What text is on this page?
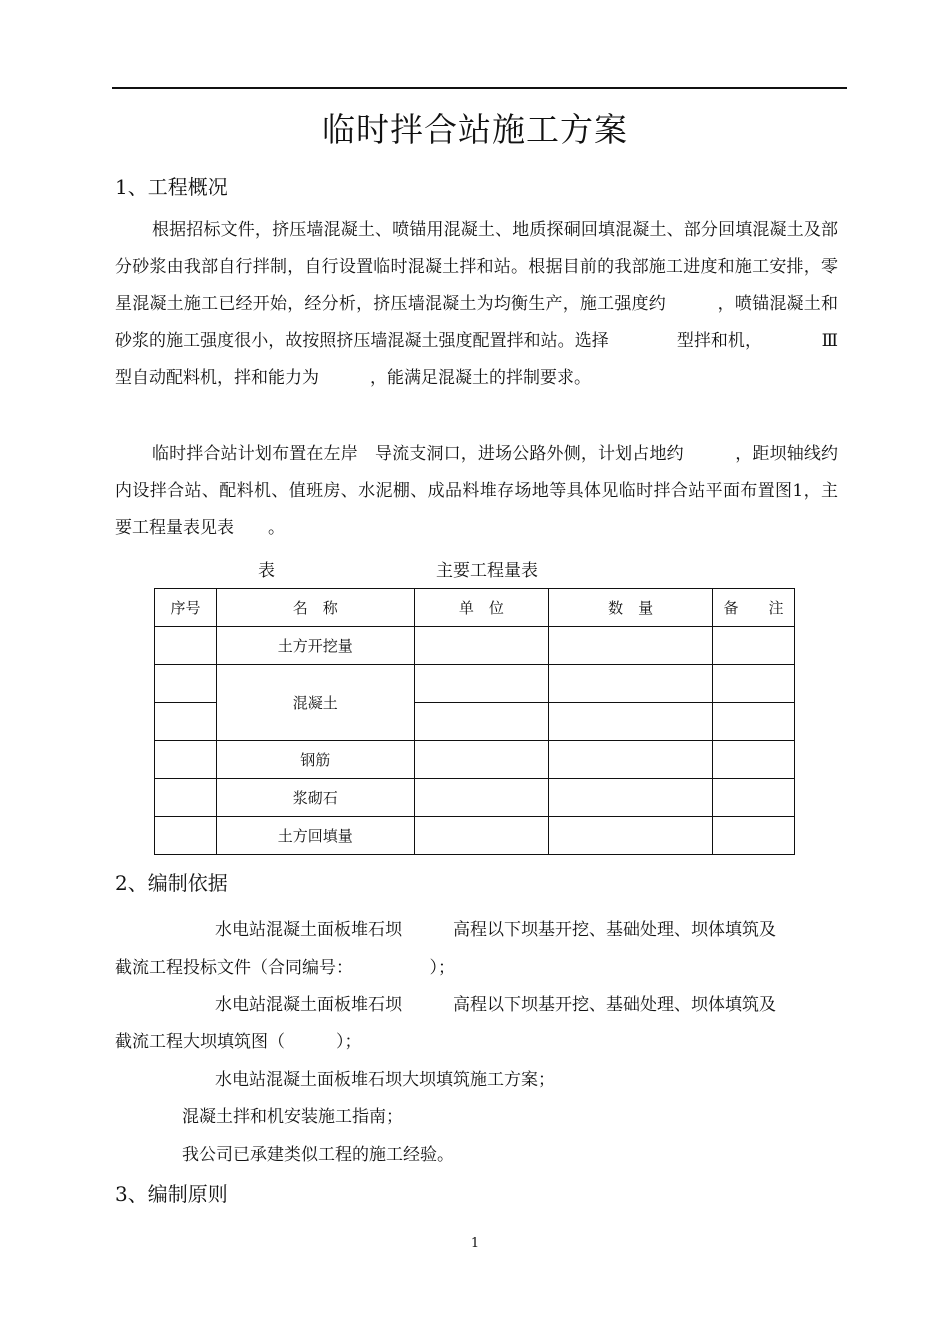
临时拌合站施工方案
1、工程概况
根据招标文件，挤压墙混凝土、喷锚用混凝土、地质探硐回填混凝土、部分回填混凝土及部分砂浆由我部自行拌制，自行设置临时混凝土拌和站。根据目前的我部施工进度和施工安排，零星混凝土施工已经开始，经分析，挤压墙混凝土为均衡生产，施工强度约　　　，喷锚混凝土和砂浆的施工强度很小，故按照挤压墙混凝土强度配置拌和站。选择　　　　型拌和机，　　　　Ⅲ型自动配料机，拌和能力为　　　，能满足混凝土的拌制要求。
临时拌合站计划布置在左岸　导流支洞口，进场公路外侧，计划占地约　　　，距坝轴线约　　　内设拌合站、配料机、值班房、水泥棚、成品料堆存场地等具体见临时拌合站平面布置图1，主要工程量表见表　　。
表	主要工程量表
序号	名　称	单　位	数　量	备　　注
	土方开挖量			
	混凝土			

	钢筋			
	浆砌石			
	土方回填量			
2、编制依据
水电站混凝土面板堆石坝　　　高程以下坝基开挖、基础处理、坝体填筑及
截流工程投标文件（合同编号：　　　　　）；
水电站混凝土面板堆石坝　　　高程以下坝基开挖、基础处理、坝体填筑及
截流工程大坝填筑图（　　　）；
水电站混凝土面板堆石坝大坝填筑施工方案；
混凝土拌和机安装施工指南；
我公司已承建类似工程的施工经验。
3、编制原则
1
